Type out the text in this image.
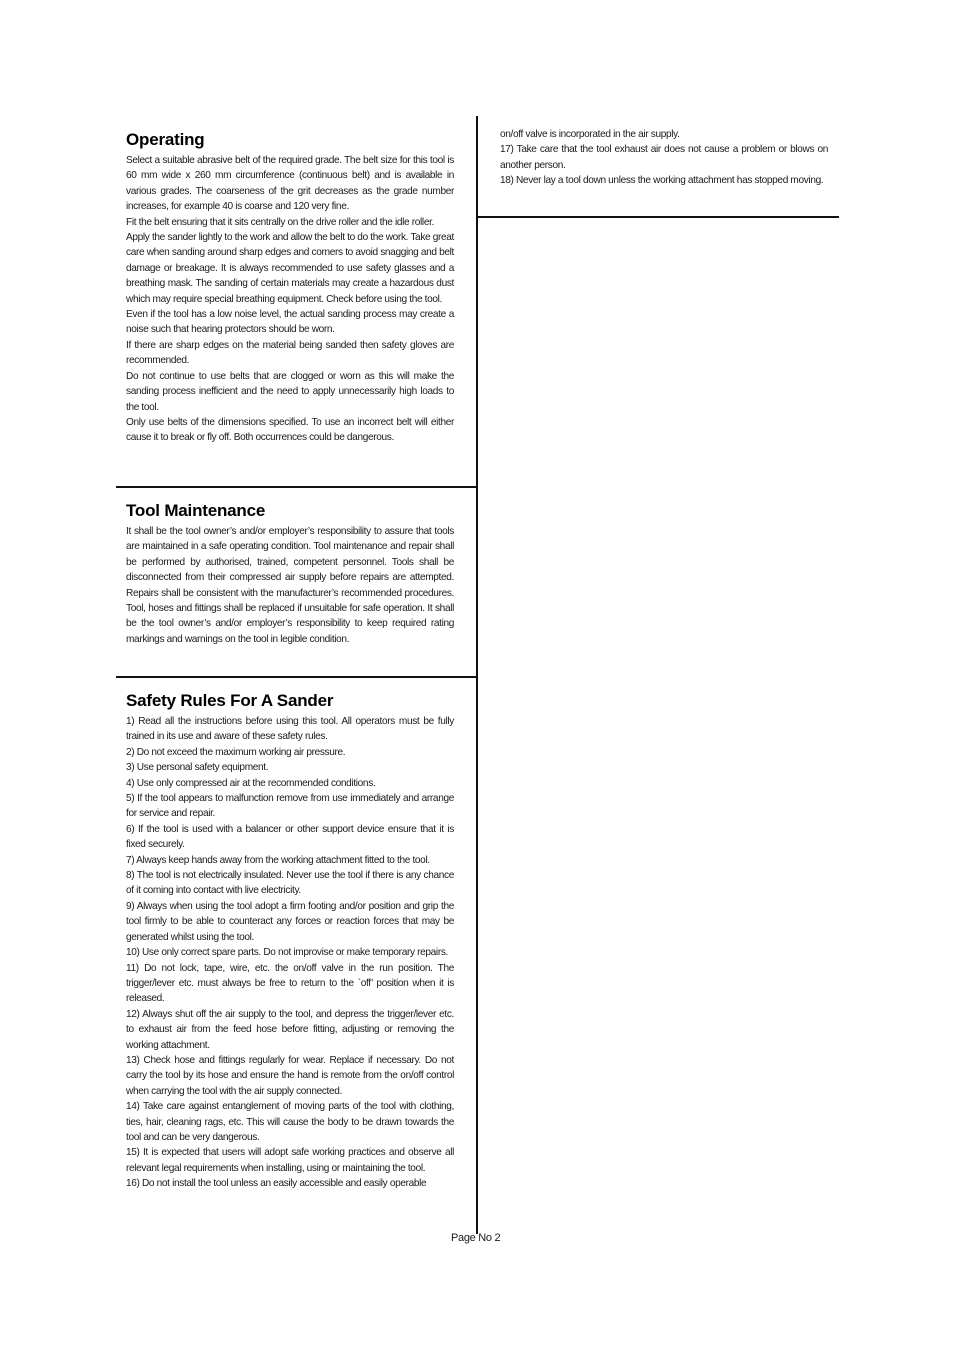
Operating

Select a suitable abrasive belt of the required grade. The belt size for this tool is 60 mm wide x 260 mm circumference (continuous belt) and is available in various grades. The coarseness of the grit decreases as the grade number increases, for example 40 is coarse and 120 very fine.

Fit the belt ensuring that it sits centrally on the drive roller and the idle roller.

Apply the sander lightly to the work and allow the belt to do the work. Take great care when sanding around sharp edges and corners to avoid snagging and belt damage or breakage. It is always recommended to use safety glasses and a breathing mask. The sanding of certain materials may create a hazardous dust which may require special breathing equipment. Check before using the tool.

Even if the tool has a low noise level, the actual sanding process may create a noise such that hearing protectors should be worn.

If there are sharp edges on the material being sanded then safety gloves are recommended.

Do not continue to use belts that are clogged or worn as this will make the sanding process inefficient and the need to apply unnecessarily high loads to the tool.

Only use belts of the dimensions specified. To use an incorrect belt will either cause it to break or fly off. Both occurrences could be dangerous.

Tool Maintenance

It shall be the tool owner’s and/or employer’s responsibility to assure that tools are maintained in a safe operating condition. Tool maintenance and repair shall be performed by authorised, trained, competent personnel. Tools shall be disconnected from their compressed air supply before repairs are attempted. Repairs shall be consistent with the manufacturer’s recommended procedures. Tool, hoses and fittings shall be replaced if unsuitable for safe operation. It shall be the tool owner’s and/or employer’s responsibility to keep required rating markings and warnings on the tool in legible condition.

Safety Rules For A Sander

1) Read all the instructions before using this tool. All operators must be fully trained in its use and aware of these safety rules.

2) Do not exceed the maximum working air pressure.

3) Use personal safety equipment.

4) Use only compressed air at the recommended conditions.

5) If the tool appears to malfunction remove from use immediately and arrange for service and repair.

6) If the tool is used with a balancer or other support device ensure that it is fixed securely.

7) Always keep hands away from the working attachment fitted to the tool.

8) The tool is not electrically insulated. Never use the tool if there is any chance of it coming into contact with live electricity.

9) Always when using the tool adopt a firm footing and/or position and grip the tool firmly to be able to counteract any forces or reaction forces that may be generated whilst using the tool.

10) Use only correct spare parts. Do not improvise or make temporary repairs.

11) Do not lock, tape, wire, etc. the on/off valve in the run position. The trigger/lever etc. must always be free to return to the `off’ position when it is released.

12) Always shut off the air supply to the tool, and depress the trigger/lever etc. to exhaust air from the feed hose before fitting, adjusting or removing the working attachment.

13) Check hose and fittings regularly for wear. Replace if necessary. Do not carry the tool by its hose and ensure the hand is remote from the on/off control when carrying the tool with the air supply connected.

14) Take care against entanglement of moving parts of the tool with clothing, ties, hair, cleaning rags, etc. This will cause the body to be drawn towards the tool and can be very dangerous.

15) It is expected that users will adopt safe working practices and observe all relevant legal requirements when installing, using or maintaining the tool.

16) Do not install the tool unless an easily accessible and easily operable

on/off valve is incorporated in the air supply.

17) Take care that the tool exhaust air does not cause a problem or blows on another person.

18) Never lay a tool down unless the working attachment has stopped moving.

Page No 2
